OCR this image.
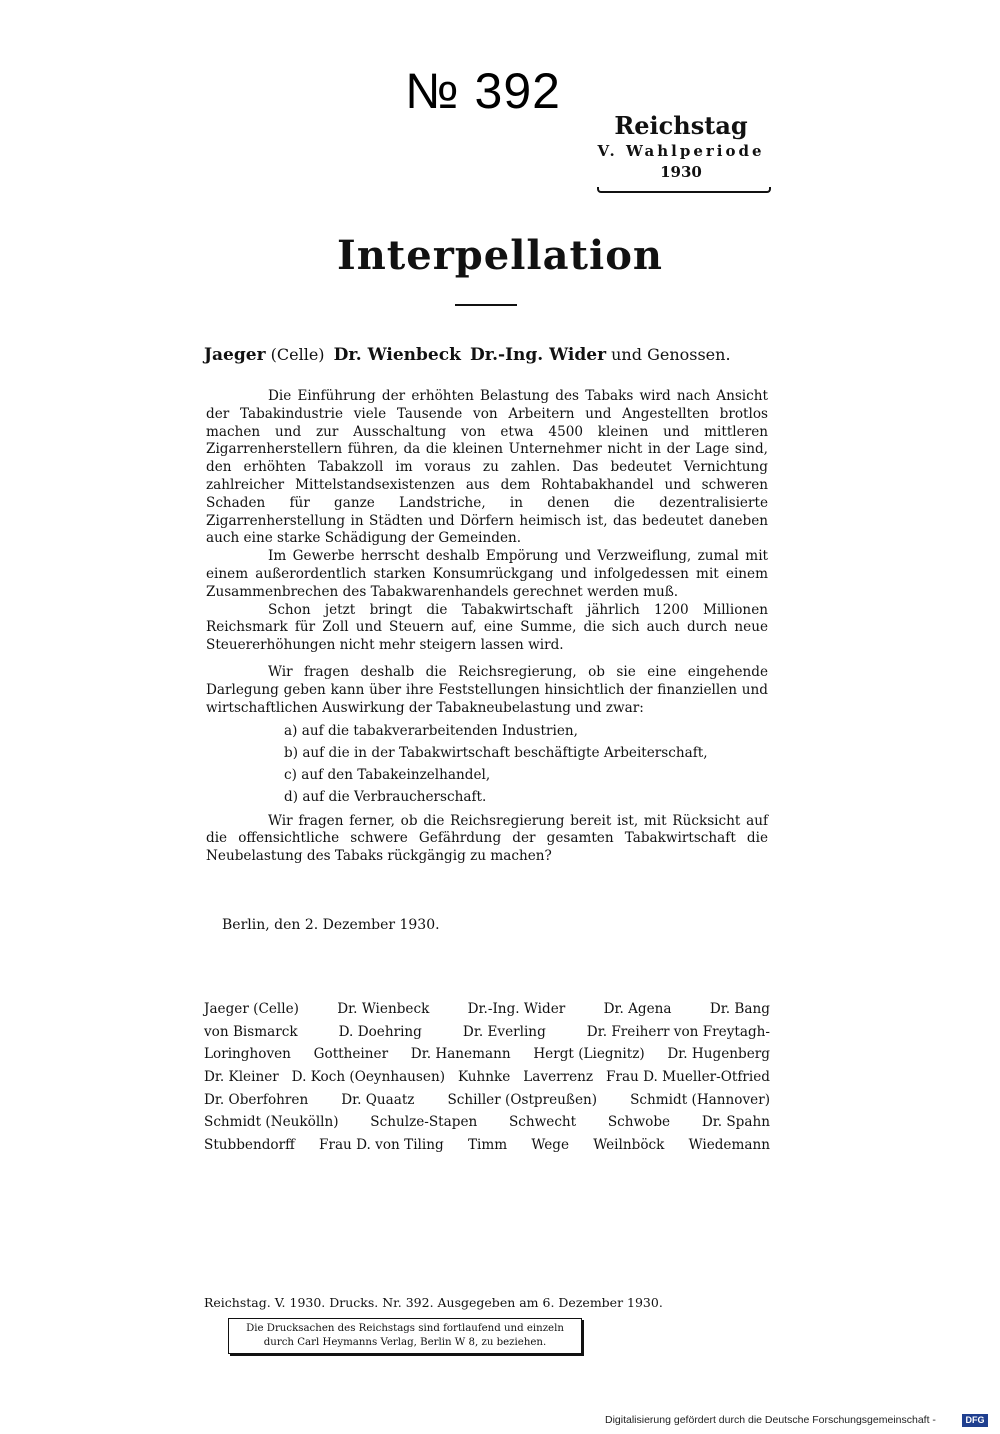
№ 392
Reichstag
V. Wahlperiode
1930
Interpellation
Jaeger (Celle) Dr. Wienbeck Dr.-Ing. Wider und Genossen.

Die Einführung der erhöhten Belastung des Tabaks wird nach Ansicht der Tabakindustrie viele Tausende von Arbeitern und Angestellten brotlos machen und zur Ausschaltung von etwa 4500 kleinen und mittleren Zigarrenherstellern führen, da die kleinen Unternehmer nicht in der Lage sind, den erhöhten Tabakzoll im voraus zu zahlen. Das bedeutet Vernichtung zahlreicher Mittelstandsexistenzen aus dem Rohtabakhandel und schweren Schaden für ganze Landstriche, in denen die dezentralisierte Zigarrenherstellung in Städten und Dörfern heimisch ist, das bedeutet daneben auch eine starke Schädigung der Gemeinden.

Im Gewerbe herrscht deshalb Empörung und Verzweiflung, zumal mit einem außerordentlich starken Konsumrückgang und infolgedessen mit einem Zusammenbrechen des Tabakwarenhandels gerechnet werden muß.

Schon jetzt bringt die Tabakwirtschaft jährlich 1200 Millionen Reichsmark für Zoll und Steuern auf, eine Summe, die sich auch durch neue Steuererhöhungen nicht mehr steigern lassen wird.

Wir fragen deshalb die Reichsregierung, ob sie eine eingehende Darlegung geben kann über ihre Feststellungen hinsichtlich der finanziellen und wirtschaftlichen Auswirkung der Tabakneubelastung und zwar:

a) auf die tabakverarbeitenden Industrien,
b) auf die in der Tabakwirtschaft beschäftigte Arbeiterschaft,
c) auf den Tabakeinzelhandel,
d) auf die Verbraucherschaft.

Wir fragen ferner, ob die Reichsregierung bereit ist, mit Rücksicht auf die offensichtliche schwere Gefährdung der gesamten Tabakwirtschaft die Neubelastung des Tabaks rückgängig zu machen?

Berlin, den 2. Dezember 1930.
Jaeger (Celle)	Dr. Wienbeck	Dr.-Ing. Wider	Dr. Agena	Dr. Bang
von Bismarck	D. Doehring	Dr. Everling	Dr. Freiherr von Freytagh-
Loringhoven Gottheiner Dr. Hanemann Hergt (Liegnitz) Dr. Hugenberg
Dr. Kleiner D. Koch (Oeynhausen) Kuhnke Laverrenz Frau D. Mueller-Otfried
Dr. Oberfohren Dr. Quaatz Schiller (Ostpreußen) Schmidt (Hannover)
Schmidt (Neukölln) Schulze-Stapen Schwecht Schwobe Dr. Spahn
Stubbendorff Frau D. von Tiling Timm Wege Weilnböck Wiedemann
Reichstag. V. 1930. Drucks. Nr. 392. Ausgegeben am 6. Dezember 1930.
Die Drucksachen des Reichstags sind fortlaufend und einzeln
durch Carl Heymanns Verlag, Berlin W 8, zu beziehen.
Digitalisierung gefördert durch die Deutsche Forschungsgemeinschaft -	DFG
